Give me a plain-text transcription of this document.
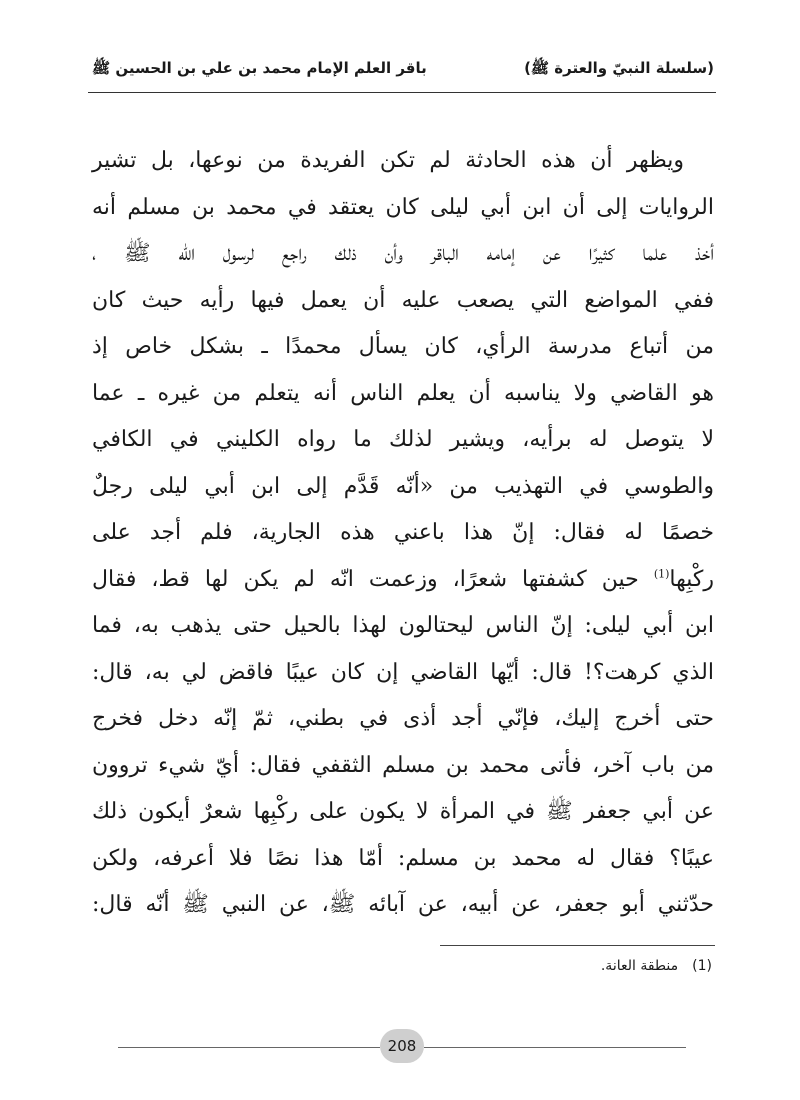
(سلسلة النبيّ والعترة ﷺ)
باقر العلم الإمام محمد بن علي بن الحسين ﷺ
ويظهر أن هذه الحادثة لم تكن الفريدة من نوعها، بل تشير
الروايات إلى أن ابن أبي ليلى كان يعتقد في محمد بن مسلم أنه
أخذ علما كثيرًا عن إمامه الباقر وأن ذلك راجع لرسول الله ﷺ ،
ففي المواضع التي يصعب عليه أن يعمل فيها رأيه حيث كان
من أتباع مدرسة الرأي، كان يسأل محمدًا ـ بشكل خاص إذ
هو القاضي ولا يناسبه أن يعلم الناس أنه يتعلم من غيره ـ عما
لا يتوصل له برأيه، ويشير لذلك ما رواه الكليني في الكافي
والطوسي في التهذيب من «أنّه قَدَّم إلى ابن أبي ليلى رجلٌ
خصمًا له فقال: إنّ هذا باعني هذه الجارية، فلم أجد على
ركْبِها$^{(1)}$ حين كشفتها شعرًا، وزعمت انّه لم يكن لها قط، فقال
ابن أبي ليلى: إنّ الناس ليحتالون لهذا بالحيل حتى يذهب به، فما
الذي كرهت؟! قال: أيّها القاضي إن كان عيبًا فاقض لي به، قال:
حتى أخرج إليك، فإنّي أجد أذى في بطني، ثمّ إنّه دخل فخرج
من باب آخر، فأتى محمد بن مسلم الثقفي فقال: أيّ شيء تروون
عن أبي جعفر ﷺ في المرأة لا يكون على ركْبِها شعرٌ أيكون ذلك
عيبًا؟ فقال له محمد بن مسلم: أمّا هذا نصًا فلا أعرفه، ولكن
حدّثني أبو جعفر، عن أبيه، عن آبائه ﷺ، عن النبي ﷺ أنّه قال:
(1)منطقة العانة.
208
